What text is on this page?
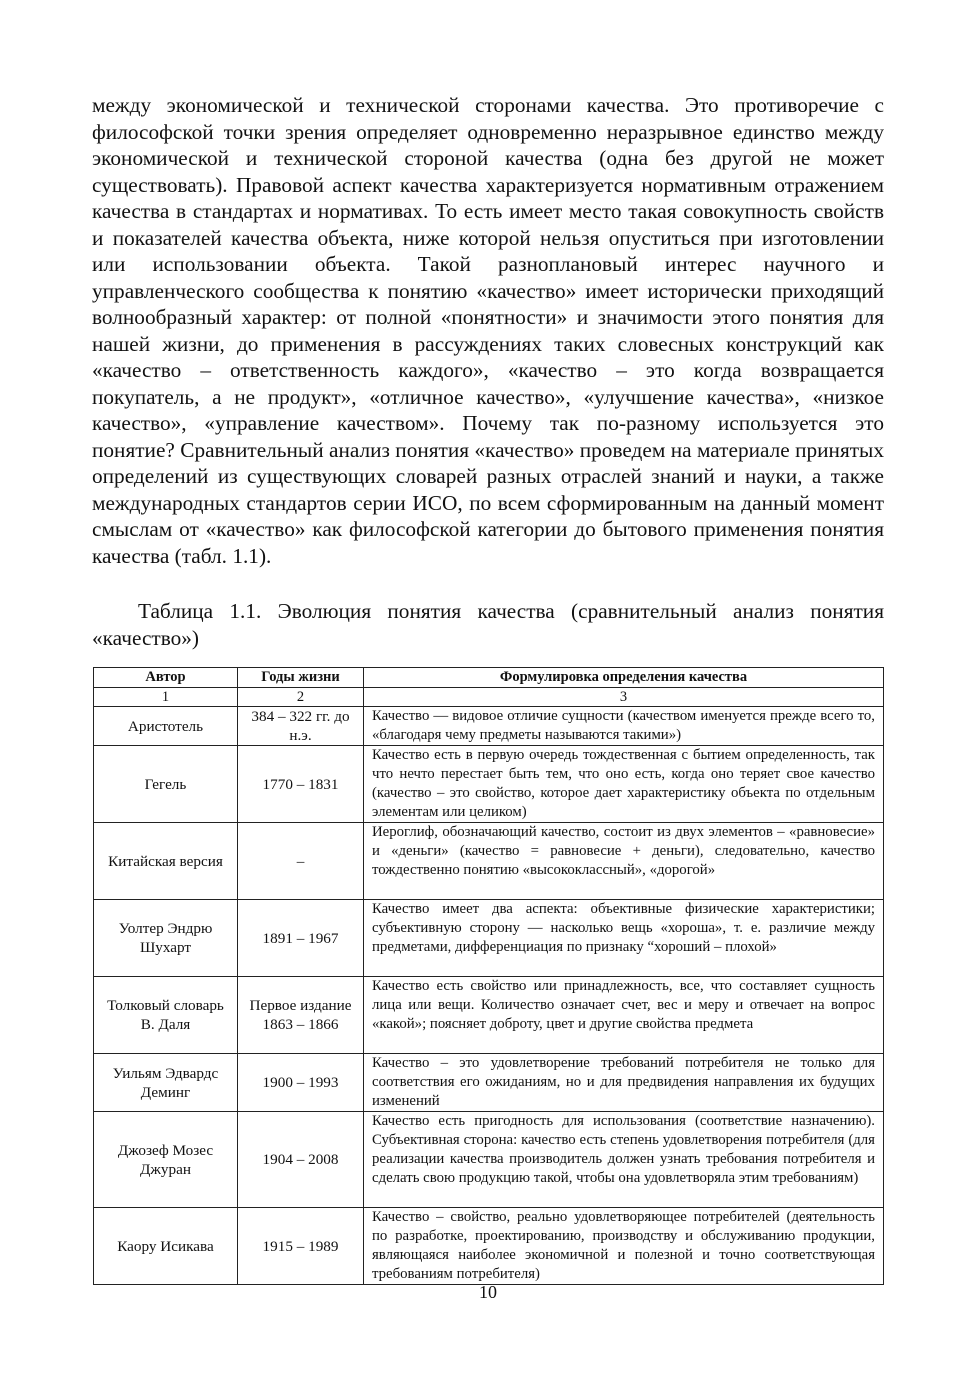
между экономической и технической сторонами качества. Это противоречие с философской точки зрения определяет одновременно неразрывное единство между экономической и технической стороной качества (одна без другой не может существовать). Правовой аспект качества характеризуется нормативным отражением качества в стандартах и нормативах. То есть имеет место такая совокупность свойств и показателей качества объекта, ниже которой нельзя опуститься при изготовлении или использовании объекта. Такой разноплановый интерес научного и управленческого сообщества к понятию «качество» имеет исторически приходящий волнообразный характер: от полной «понятности» и значимости этого понятия для нашей жизни, до применения в рассуждениях таких словесных конструкций как «качество – ответственность каждого», «качество – это когда возвращается покупатель, а не продукт», «отличное качество», «улучшение качества», «низкое качество», «управление качеством». Почему так по-разному используется это понятие? Сравнительный анализ понятия «качество» проведем на материале принятых определений из существующих словарей разных отраслей знаний и науки, а также международных стандартов серии ИСО, по всем сформированным на данный момент смыслам от «качество» как философской категории до бытового применения понятия качества (табл. 1.1).

Таблица 1.1. Эволюция понятия качества (сравнительный анализ понятия «качество»)

Автор	Годы жизни	Формулировка определения качества
1	2	3
Аристотель	384 – 322 гг. до н.э.	Качество — видовое отличие сущности (качеством именуется прежде всего то, «благодаря чему предметы называются такими»)
Гегель	1770 – 1831	Качество есть в первую очередь тождественная с бытием определенность, так что нечто перестает быть тем, что оно есть, когда оно теряет свое качество (качество – это свойство, которое дает характеристику объекта по отдельным элементам или целиком)
Китайская версия	–	Иероглиф, обозначающий качество, состоит из двух элементов – «равновесие» и «деньги» (качество = равновесие + деньги), следовательно, качество тождественно понятию «высококлассный», «дорогой»
Уолтер Эндрю Шухарт	1891 – 1967	Качество имеет два аспекта: объективные физические характеристики; субъективную сторону — насколько вещь «хороша», т. е. различие между предметами, дифференциация по признаку “хороший – плохой»
Толковый словарь В. Даля	Первое издание 1863 – 1866	Качество есть свойство или принадлежность, все, что составляет сущность лица или вещи. Количество означает счет, вес и меру и отвечает на вопрос «какой»; поясняет доброту, цвет и другие свойства предмета
Уильям Эдвардс Деминг	1900 – 1993	Качество – это удовлетворение требований потребителя не только для соответствия его ожиданиям, но и для предвидения направления их будущих изменений
Джозеф Мозес Джуран	1904 – 2008	Качество есть пригодность для использования (соответствие назначению). Субъективная сторона: качество есть степень удовлетворения потребителя (для реализации качества производитель должен узнать требования потребителя и сделать свою продукцию такой, чтобы она удовлетворяла этим требованиям)
Каору Исикава	1915 – 1989	Качество – свойство, реально удовлетворяющее потребителей (деятельность по разработке, проектированию, производству и обслуживанию продукции, являющаяся наиболее экономичной и полезной и точно соответствующая требованиям потребителя)
10
